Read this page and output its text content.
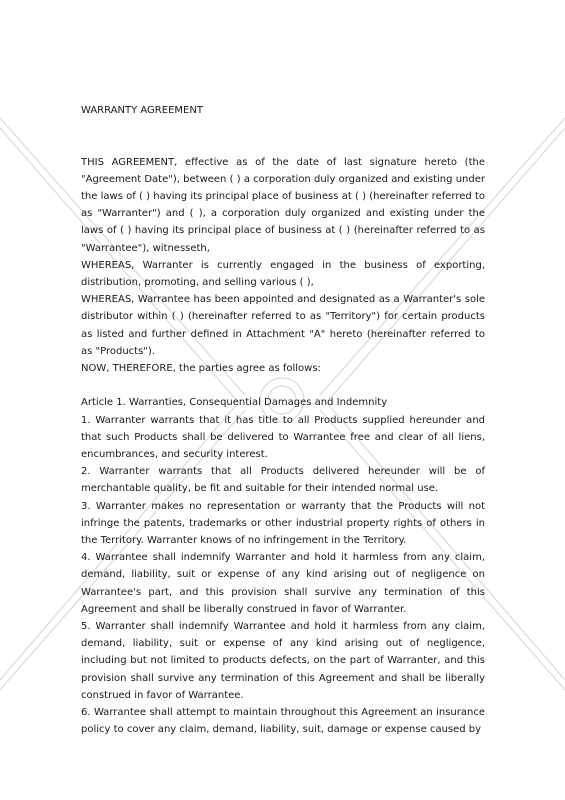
WARRANTY AGREEMENT

THIS AGREEMENT, effective as of the date of last signature hereto (the "Agreement Date"), between ( ) a corporation duly organized and existing under the laws of ( ) having its principal place of business at ( ) (hereinafter referred to as "Warranter") and ( ), a corporation duly organized and existing under the laws of ( ) having its principal place of business at ( ) (hereinafter referred to as "Warrantee"), witnesseth,

WHEREAS, Warranter is currently engaged in the business of exporting, distribution, promoting, and selling various ( ),

WHEREAS, Warrantee has been appointed and designated as a Warranter's sole distributor within ( ) (hereinafter referred to as "Territory") for certain products as listed and further defined in Attachment "A" hereto (hereinafter referred to as "Products").

NOW, THEREFORE, the parties agree as follows:

Article 1. Warranties, Consequential Damages and Indemnity

1. Warranter warrants that it has title to all Products supplied hereunder and that such Products shall be delivered to Warrantee free and clear of all liens, encumbrances, and security interest.

2. Warranter warrants that all Products delivered hereunder will be of merchantable quality, be fit and suitable for their intended normal use.

3. Warranter makes no representation or warranty that the Products will not infringe the patents, trademarks or other industrial property rights of others in the Territory. Warranter knows of no infringement in the Territory.

4. Warrantee shall indemnify Warranter and hold it harmless from any claim, demand, liability, suit or expense of any kind arising out of negligence on Warrantee's part, and this provision shall survive any termination of this Agreement and shall be liberally construed in favor of Warranter.

5. Warranter shall indemnify Warrantee and hold it harmless from any claim, demand, liability, suit or expense of any kind arising out of negligence, including but not limited to products defects, on the part of Warranter, and this provision shall survive any termination of this Agreement and shall be liberally construed in favor of Warrantee.

6. Warrantee shall attempt to maintain throughout this Agreement an insurance policy to cover any claim, demand, liability, suit, damage or expense caused by
